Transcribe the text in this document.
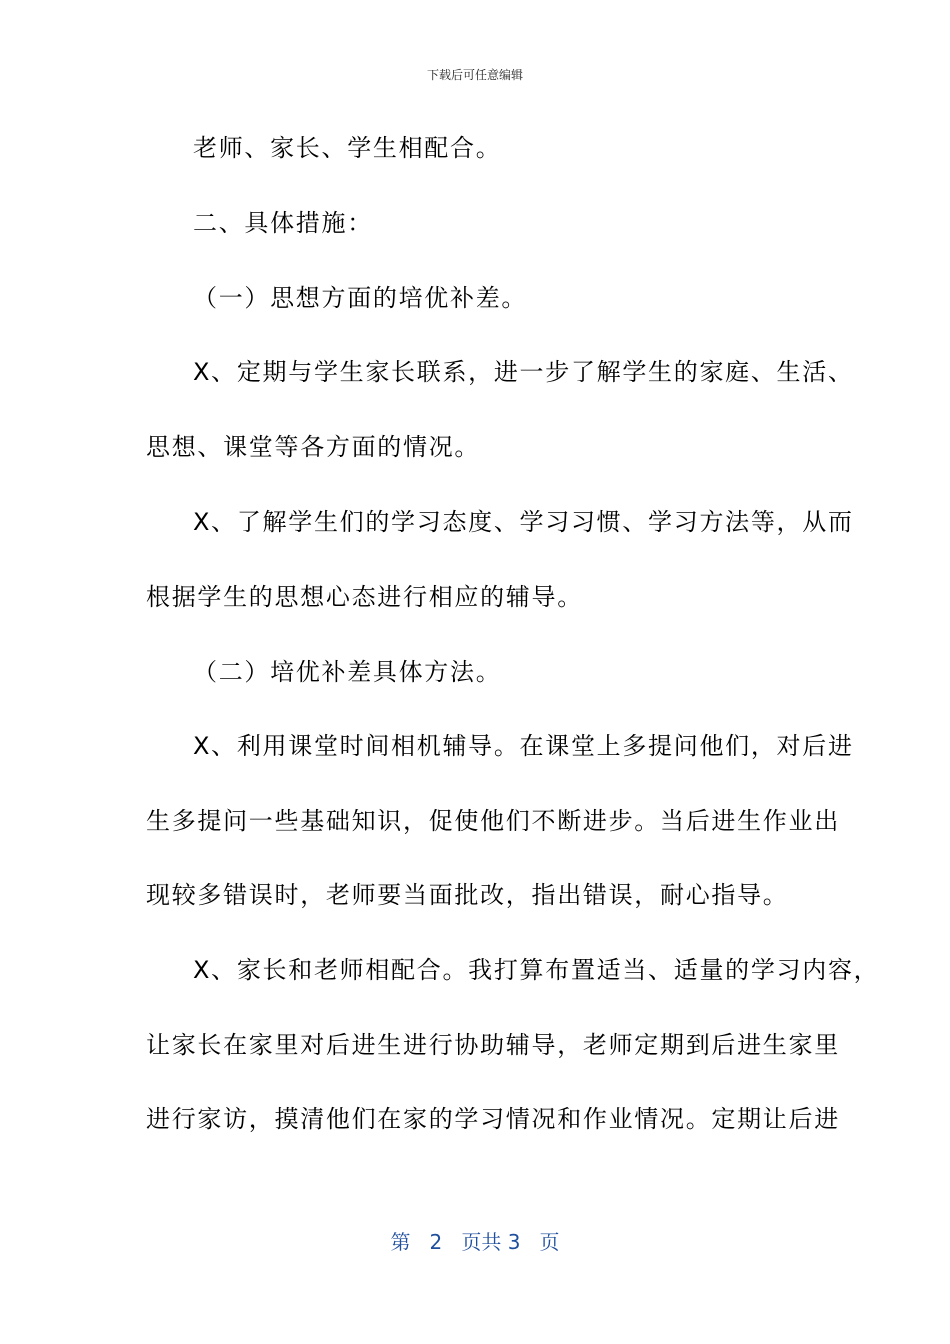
下载后可任意编辑

老师、家长、学生相配合。

二、具体措施：

（一）思想方面的培优补差。

X、定期与学生家长联系，进一步了解学生的家庭、生活、

思想、课堂等各方面的情况。

X、了解学生们的学习态度、学习习惯、学习方法等，从而

根据学生的思想心态进行相应的辅导。

（二）培优补差具体方法。

X、利用课堂时间相机辅导。在课堂上多提问他们，对后进

生多提问一些基础知识，促使他们不断进步。当后进生作业出

现较多错误时，老师要当面批改，指出错误，耐心指导。

X、家长和老师相配合。我打算布置适当、适量的学习内容，

让家长在家里对后进生进行协助辅导，老师定期到后进生家里

进行家访，摸清他们在家的学习情况和作业情况。定期让后进

第 2 页共 3 页
